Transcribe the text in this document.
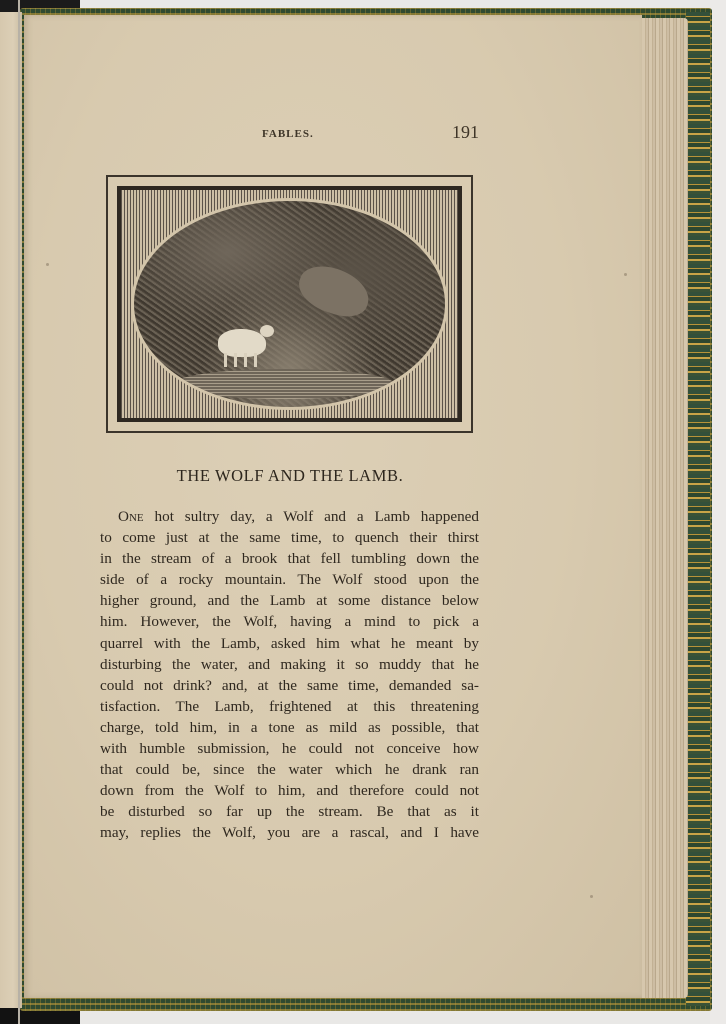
FABLES.	191
THE WOLF AND THE LAMB.
One hot sultry day, a Wolf and a Lamb happened
to come just at the same time, to quench their thirst
in the stream of a brook that fell tumbling down the
side of a rocky mountain. The Wolf stood upon the
higher ground, and the Lamb at some distance below
him. However, the Wolf, having a mind to pick a
quarrel with the Lamb, asked him what he meant by
disturbing the water, and making it so muddy that he
could not drink? and, at the same time, demanded sa-
tisfaction. The Lamb, frightened at this threatening
charge, told him, in a tone as mild as possible, that
with humble submission, he could not conceive how
that could be, since the water which he drank ran
down from the Wolf to him, and therefore could not
be disturbed so far up the stream. Be that as it
may, replies the Wolf, you are a rascal, and I have
